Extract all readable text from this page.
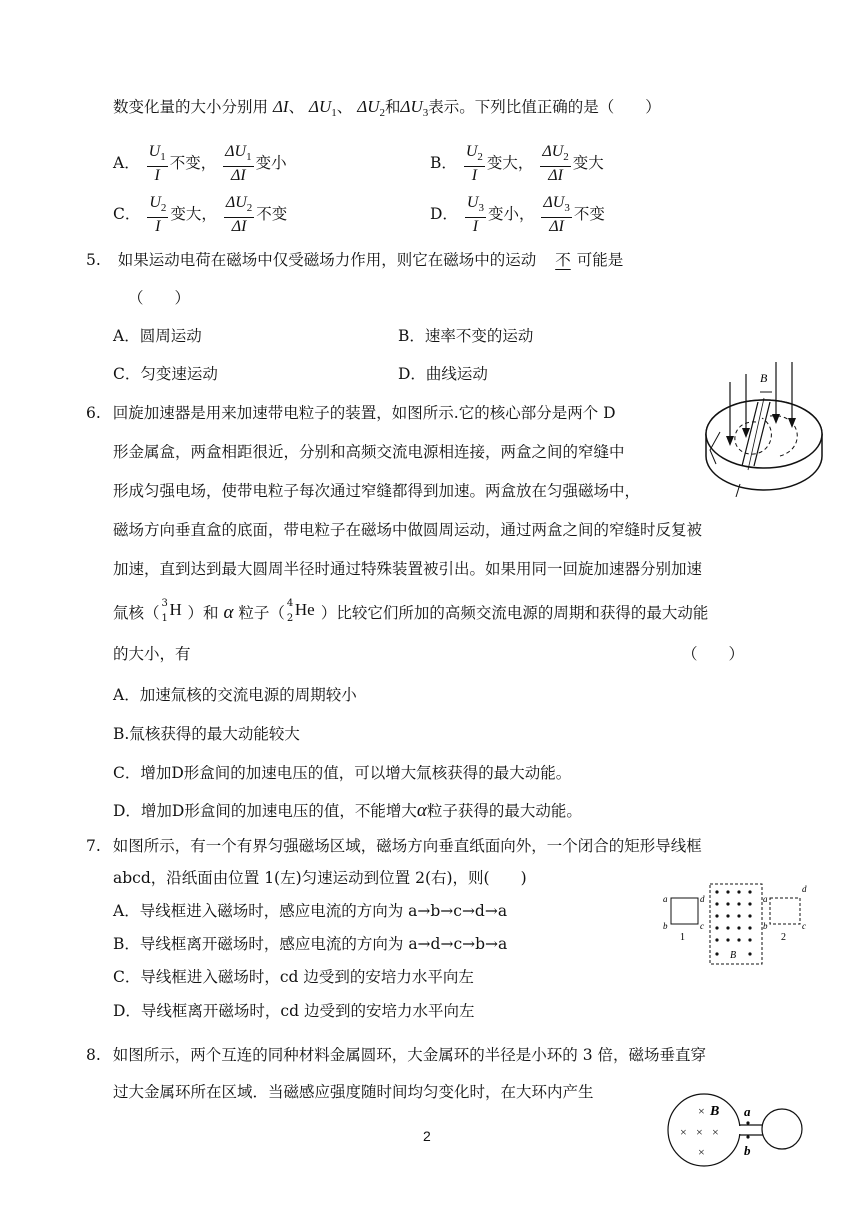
数变化量的大小分别用 ΔI、 $\Delta U_1$、 $\Delta U_2$和$\Delta U_3$表示。下列比值正确的是（　　）
A． $\frac{U_1}{I}$ 不变， $\frac{\Delta U_1}{\Delta I}$ 变小	B． $\frac{U_2}{I}$ 变大， $\frac{\Delta U_2}{\Delta I}$ 变大
C． $\frac{U_2}{I}$ 变大， $\frac{\Delta U_2}{\Delta I}$ 不变	D． $\frac{U_3}{I}$ 变小， $\frac{\Delta U_3}{\Delta I}$ 不变
5. 如果运动电荷在磁场中仅受磁场力作用，则它在磁场中的运动 不 可能是
（　　）
A．圆周运动	B．速率不变的运动
C．匀变速运动	D．曲线运动
6. 回旋加速器是用来加速带电粒子的装置，如图所示.它的核心部分是两个 D
形金属盒，两盒相距很近，分别和高频交流电源相连接，两盒之间的窄缝中
形成匀强电场，使带电粒子每次通过窄缝都得到加速。两盒放在匀强磁场中，
磁场方向垂直盒的底面，带电粒子在磁场中做圆周运动，通过两盒之间的窄缝时反复被
加速，直到达到最大圆周半径时通过特殊装置被引出。如果用同一回旋加速器分别加速
氚核（
3
1 H ）和 α 粒子（
4
2 He ）比较它们所加的高频交流电源的周期和获得的最大动能
的大小，有	（　　）
A．加速氚核的交流电源的周期较小
B.氚核获得的最大动能较大
C．增加D形盒间的加速电压的值，可以增大氚核获得的最大动能。
D．增加D形盒间的加速电压的值，不能增大α粒子获得的最大动能。
B
7. 如图所示，有一个有界匀强磁场区域，磁场方向垂直纸面向外，一个闭合的矩形导线框
abcd，沿纸面由位置 1(左)匀速运动到位置 2(右)，则(　　)
A．导线框进入磁场时，感应电流的方向为 a→b→c→d→a
B．导线框离开磁场时，感应电流的方向为 a→d→c→b→a
C．导线框进入磁场时，cd 边受到的安培力水平向左
D．导线框离开磁场时，cd 边受到的安培力水平向左
a
b	c
d
1
B
a
b
d
c
2
8. 如图所示，两个互连的同种材料金属圆环，大金属环的半径是小环的 3 倍，磁场垂直穿
过大金属环所在区域．当磁感应强度随时间均匀变化时，在大环内产生
a
b
× B
× × ×
×
2
